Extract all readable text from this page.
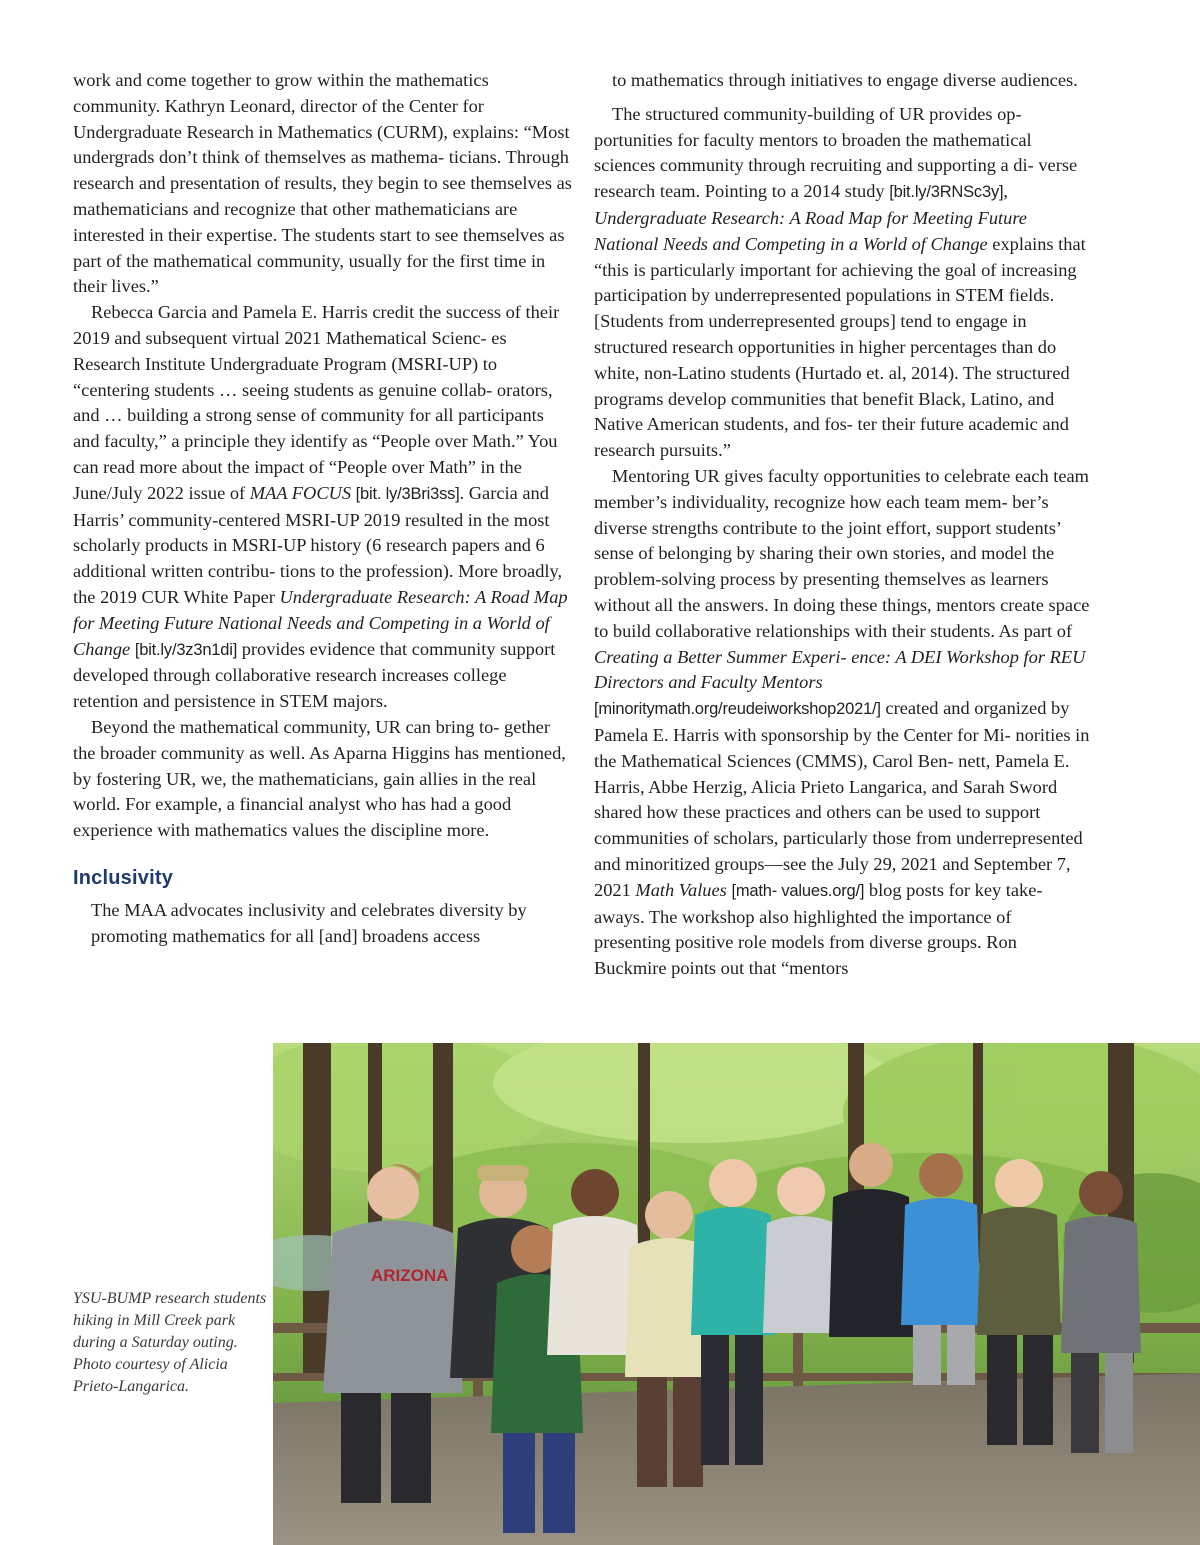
work and come together to grow within the mathematics community. Kathryn Leonard, director of the Center for Undergraduate Research in Mathematics (CURM), explains: “Most undergrads don’t think of themselves as mathema- ticians. Through research and presentation of results, they begin to see themselves as mathematicians and recognize that other mathematicians are interested in their expertise. The students start to see themselves as part of the mathematical community, usually for the first time in their lives.”

Rebecca Garcia and Pamela E. Harris credit the success of their 2019 and subsequent virtual 2021 Mathematical Scienc- es Research Institute Undergraduate Program (MSRI-UP) to “centering students … seeing students as genuine collab- orators, and … building a strong sense of community for all participants and faculty,” a principle they identify as “People over Math.” You can read more about the impact of “People over Math” in the June/July 2022 issue of MAA FOCUS [bit. ly/3Bri3ss]. Garcia and Harris’ community-centered MSRI-UP 2019 resulted in the most scholarly products in MSRI-UP history (6 research papers and 6 additional written contribu- tions to the profession). More broadly, the 2019 CUR White Paper Undergraduate Research: A Road Map for Meeting Future National Needs and Competing in a World of Change [bit.ly/3z3n1di] provides evidence that community support developed through collaborative research increases college retention and persistence in STEM majors.

Beyond the mathematical community, UR can bring to- gether the broader community as well. As Aparna Higgins has mentioned, by fostering UR, we, the mathematicians, gain allies in the real world. For example, a financial analyst who has had a good experience with mathematics values the discipline more.

Inclusivity

The MAA advocates inclusivity and celebrates diversity by promoting mathematics for all [and] broadens access

to mathematics through initiatives to engage diverse audiences.

The structured community-building of UR provides op- portunities for faculty mentors to broaden the mathematical sciences community through recruiting and supporting a di- verse research team. Pointing to a 2014 study [bit.ly/3RNSc3y], Undergraduate Research: A Road Map for Meeting Future National Needs and Competing in a World of Change explains that “this is particularly important for achieving the goal of increasing participation by underrepresented populations in STEM fields. [Students from underrepresented groups] tend to engage in structured research opportunities in higher percentages than do white, non-Latino students (Hurtado et. al, 2014). The structured programs develop communities that benefit Black, Latino, and Native American students, and fos- ter their future academic and research pursuits.”

Mentoring UR gives faculty opportunities to celebrate each team member’s individuality, recognize how each team mem- ber’s diverse strengths contribute to the joint effort, support students’ sense of belonging by sharing their own stories, and model the problem-solving process by presenting themselves as learners without all the answers. In doing these things, mentors create space to build collaborative relationships with their students. As part of Creating a Better Summer Experi- ence: A DEI Workshop for REU Directors and Faculty Mentors [minoritymath.org/reudeiworkshop2021/] created and organized by Pamela E. Harris with sponsorship by the Center for Mi- norities in the Mathematical Sciences (CMMS), Carol Ben- nett, Pamela E. Harris, Abbe Herzig, Alicia Prieto Langarica, and Sarah Sword shared how these practices and others can be used to support communities of scholars, particularly those from underrepresented and minoritized groups—see the July 29, 2021 and September 7, 2021 Math Values [math- values.org/] blog posts for key take-aways. The workshop also highlighted the importance of presenting positive role models from diverse groups. Ron Buckmire points out that “mentors

YSU-BUMP research students hiking in Mill Creek park during a Saturday outing. Photo courtesy of Alicia Prieto-Langarica.
ARIZONA
